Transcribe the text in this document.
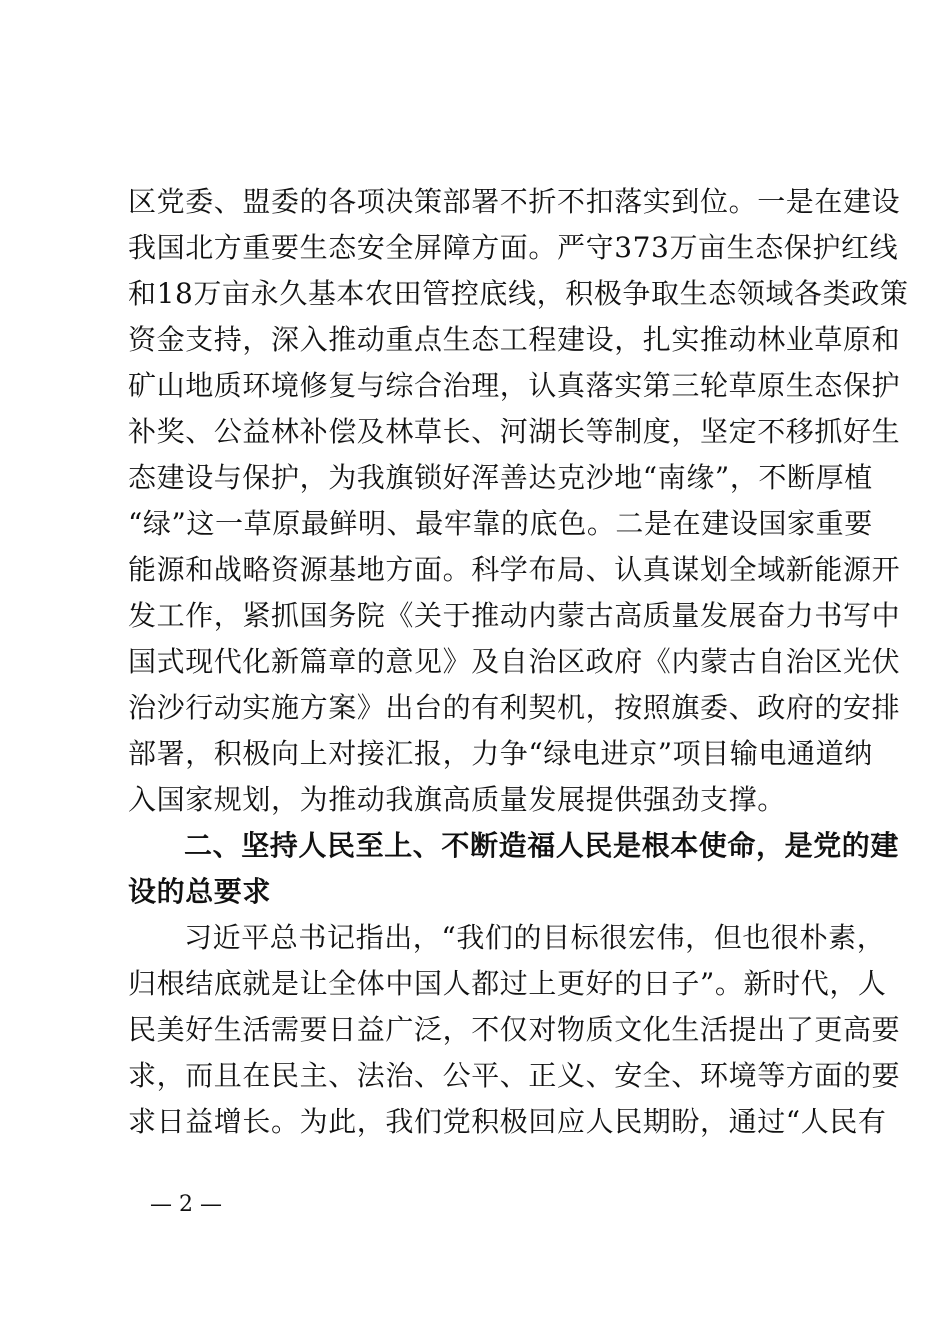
区党委、盟委的各项决策部署不折不扣落实到位。一是在建设
我国北方重要生态安全屏障方面。严守373万亩生态保护红线
和18万亩永久基本农田管控底线，积极争取生态领域各类政策
资金支持，深入推动重点生态工程建设，扎实推动林业草原和
矿山地质环境修复与综合治理，认真落实第三轮草原生态保护
补奖、公益林补偿及林草长、河湖长等制度，坚定不移抓好生
态建设与保护，为我旗锁好浑善达克沙地“南缘”，不断厚植
“绿”这一草原最鲜明、最牢靠的底色。二是在建设国家重要
能源和战略资源基地方面。科学布局、认真谋划全域新能源开
发工作，紧抓国务院《关于推动内蒙古高质量发展奋力书写中
国式现代化新篇章的意见》及自治区政府《内蒙古自治区光伏
治沙行动实施方案》出台的有利契机，按照旗委、政府的安排
部署，积极向上对接汇报，力争“绿电进京”项目输电通道纳
入国家规划，为推动我旗高质量发展提供强劲支撑。
二、坚持人民至上、不断造福人民是根本使命，是党的建
设的总要求
习近平总书记指出，“我们的目标很宏伟，但也很朴素，
归根结底就是让全体中国人都过上更好的日子”。新时代，人
民美好生活需要日益广泛，不仅对物质文化生活提出了更高要
求，而且在民主、法治、公平、正义、安全、环境等方面的要
求日益增长。为此，我们党积极回应人民期盼，通过“人民有
— 2 —
